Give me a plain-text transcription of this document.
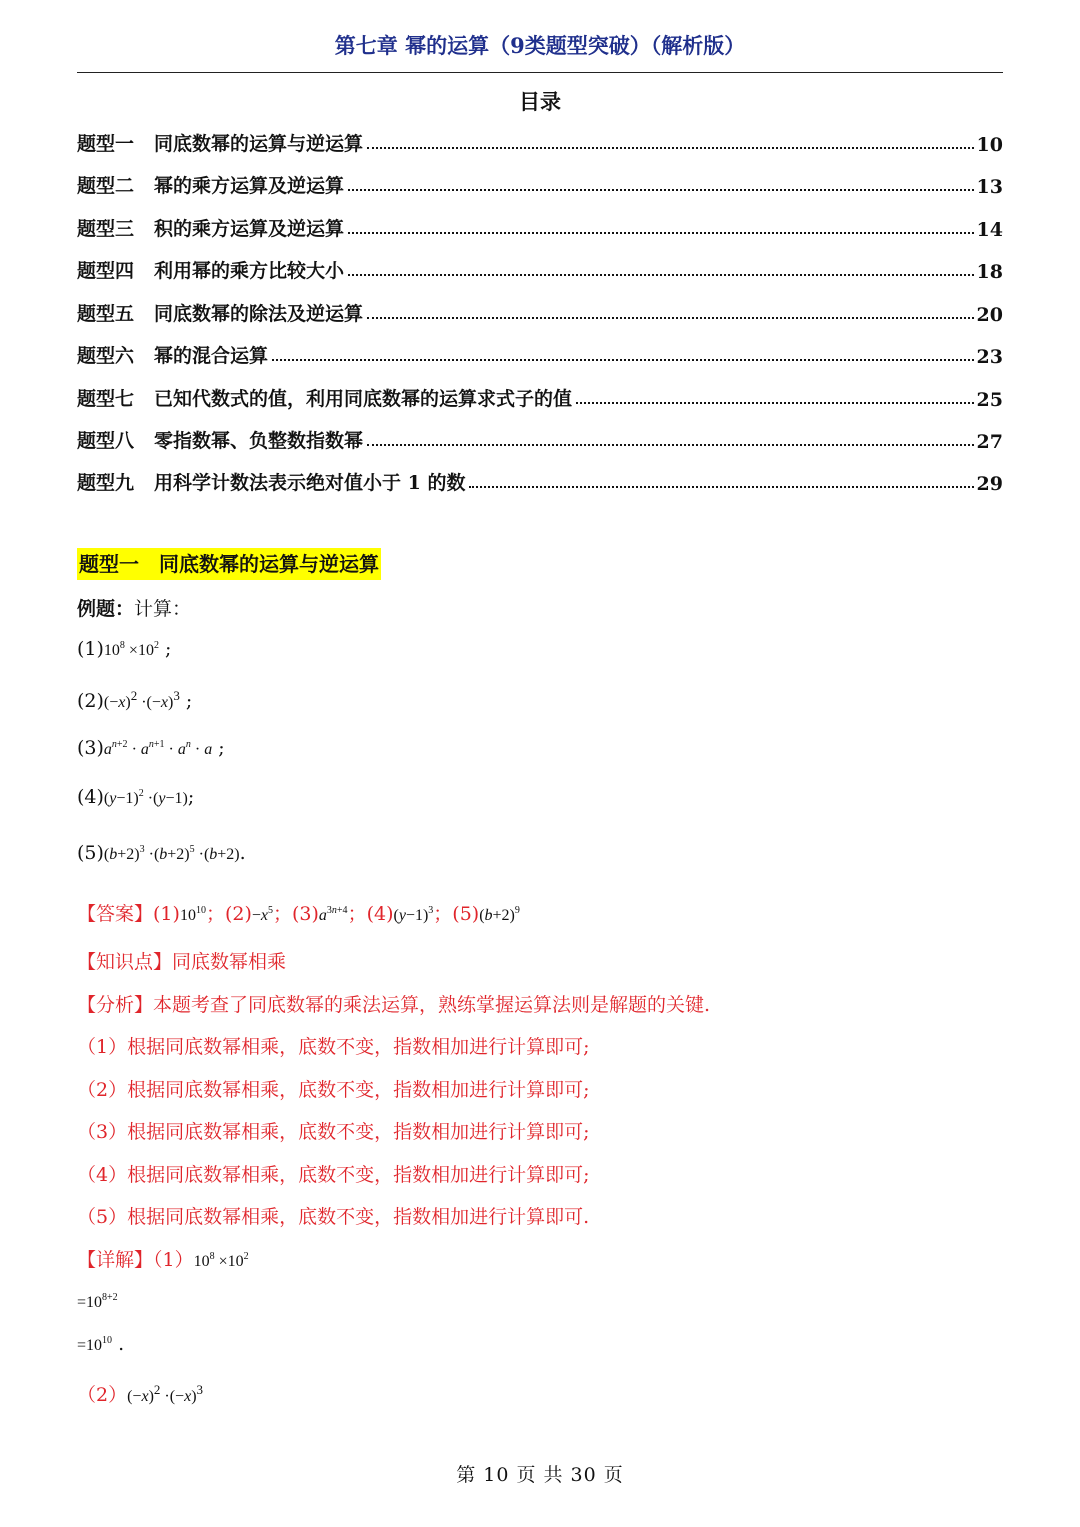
第七章 幂的运算（9类题型突破）（解析版）
目录
题型一 同底数幂的运算与逆运算	10
题型二 幂的乘方运算及逆运算	13
题型三 积的乘方运算及逆运算	14
题型四 利用幂的乘方比较大小	18
题型五 同底数幂的除法及逆运算	20
题型六 幂的混合运算	23
题型七 已知代数式的值，利用同底数幂的运算求式子的值	25
题型八 零指数幂、负整数指数幂	27
题型九 用科学计数法表示绝对值小于 1 的数	29
题型一 同底数幂的运算与逆运算
例题：计算：
$(1)10^8 \times 10^2$ ;
$(2)(-x)^2 \cdot(-x)^3$ ;
$(3)a^{n+2} \cdot a^{n+1} \cdot a^n \cdot a$ ;
$(4)(y-1)^2 \cdot(y-1)$;
$(5)(b+2)^3 \cdot(b+2)^5 \cdot(b+2)$.
【答案】$(1)10^{10}$；$(2)-x^5$；$(3)a^{3n+4}$；$(4)(y-1)^3$；$(5)(b+2)^9$
【知识点】同底数幂相乘
【分析】本题考查了同底数幂的乘法运算，熟练掌握运算法则是解题的关键.
（1）根据同底数幂相乘，底数不变，指数相加进行计算即可;
（2）根据同底数幂相乘，底数不变，指数相加进行计算即可;
（3）根据同底数幂相乘，底数不变，指数相加进行计算即可;
（4）根据同底数幂相乘，底数不变，指数相加进行计算即可;
（5）根据同底数幂相乘，底数不变，指数相加进行计算即可.
【详解】$(1)10^8 \times 10^2$
$=10^{8+2}$
$=10^{10}$ .
$(2)(-x)^2 \cdot(-x)^3$
第 10 页 共 30 页
